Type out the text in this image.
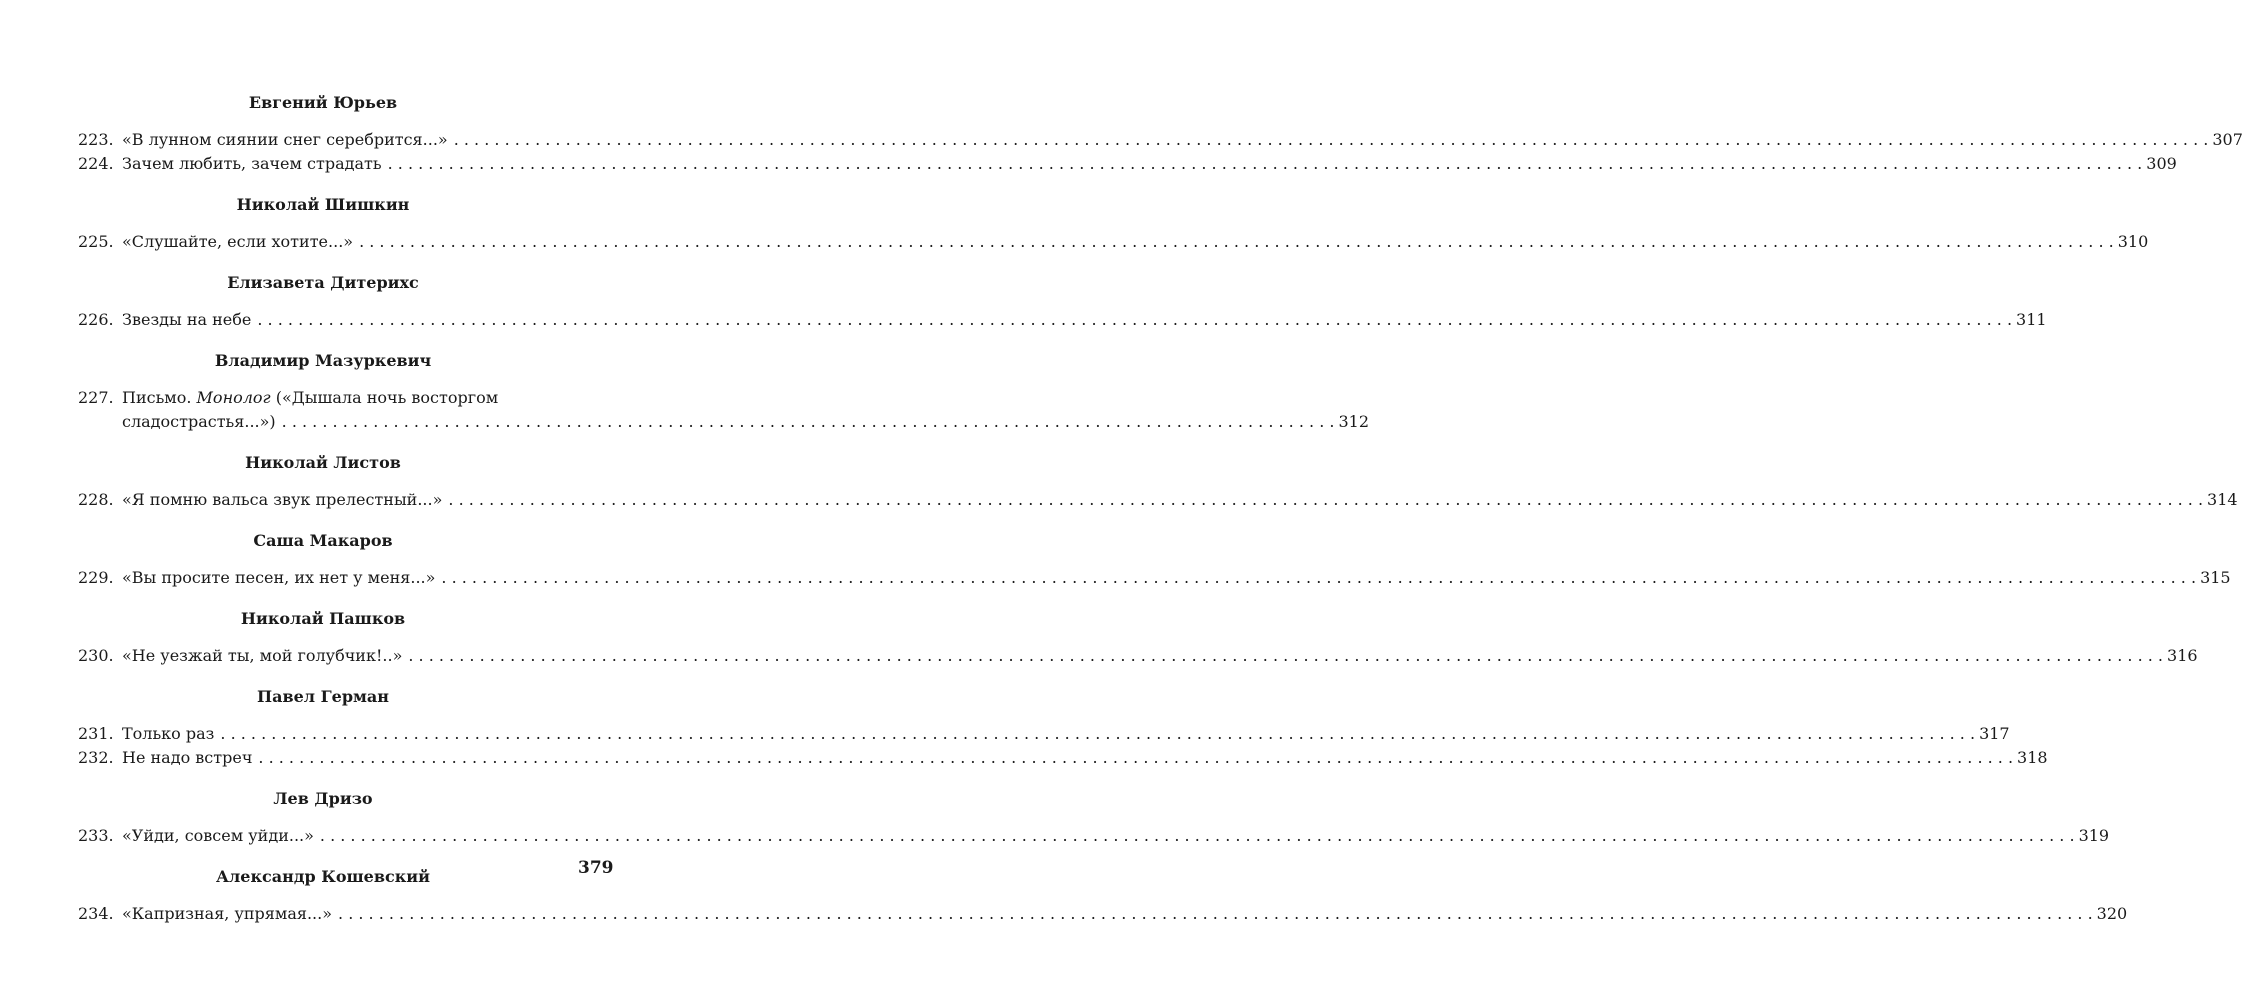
Евгений Юрьев
223. «В лунном сиянии снег серебрится...» . . .	307
224. Зачем любить, зачем страдать . . .	309
Николай Шишкин
225. «Слушайте, если хотите...» . . .	310
Елизавета Дитерихс
226. Звезды на небе . . .	311
Владимир Мазуркевич
227. Письмо. Монолог («Дышала ночь восторгом
сладострастья...») . . .	312
Николай Листов
228. «Я помню вальса звук прелестный...» . . .	314
Саша Макаров
229. «Вы просите песен, их нет у меня...» . . .	315
Николай Пашков
230. «Не уезжай ты, мой голубчик!..» . . .	316
Павел Герман
231. Только раз . . .	317
232. Не надо встреч . . .	318
Лев Дризо
233. «Уйди, совсем уйди...» . . .	319
Александр Кошевский
234. «Капризная, упрямая...» . . .	320
379
